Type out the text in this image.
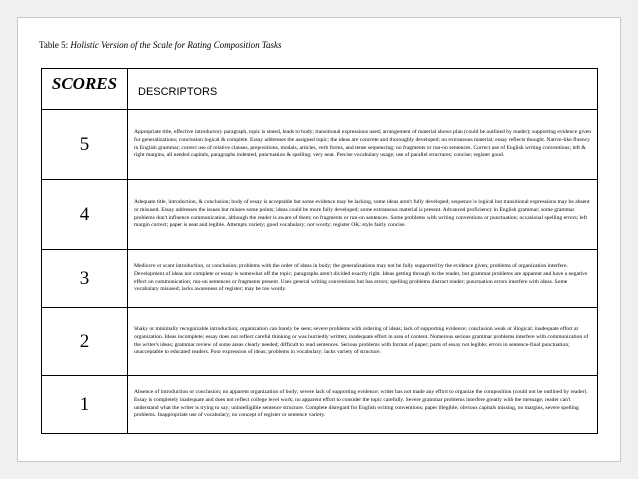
Table 5: Holistic Version of the Scale for Rating Composition Tasks
SCORES	DESCRIPTORS
5	Appropriate title, effective introductory paragraph, topic is stated, leads to body; transitional expressions used; arrangement of material shows plan (could be outlined by reader); supporting evidence given for generalizations; conclusion logical & complete. Essay addresses the assigned topic; the ideas are concrete and thoroughly developed; no extraneous material; essay reflects thought. Native-like fluency in English grammar; correct use of relative clauses, prepositions, modals, articles, verb forms, and tense sequencing; no fragments or run-on sentences. Correct use of English writing conventions; left & right margins, all needed capitals, paragraphs indented, punctuation & spelling; very neat. Precise vocabulary usage; use of parallel structures; concise; register good.
4	Adequate title, introduction, & conclusion; body of essay is acceptable but some evidence may be lacking, some ideas aren't fully developed; sequence is logical but transitional expressions may be absent or misused. Essay addresses the issues but misses some points; ideas could be more fully developed; some extraneous material is present. Advanced proficiency in English grammar; some grammar problems don't influence communication, although the reader is aware of them; no fragments or run-on sentences. Some problems with writing conventions or punctuation; occasional spelling errors; left margin correct; paper is neat and legible. Attempts variety; good vocabulary; not wordy; register OK; style fairly concise.
3	Mediocre or scant introduction, or conclusion; problems with the order of ideas in body; the generalizations may not be fully supported by the evidence given; problems of organization interfere. Development of ideas not complete or essay is somewhat off the topic; paragraphs aren't divided exactly right. Ideas getting through to the reader, but grammar problems are apparent and have a negative effect on communication; run-on sentences or fragments present. Uses general writing conventions but has errors; spelling problems distract reader; punctuation errors interfere with ideas. Some vocabulary misused; lacks awareness of register; may be too wordy.
2	Shaky or minimally recognizable introduction; organization can barely be seen; severe problems with ordering of ideas; lack of supporting evidence; conclusion weak or illogical; inadequate effort at organization. Ideas incomplete; essay does not reflect careful thinking or was hurriedly written; inadequate effort in area of content. Numerous serious grammar problems interfere with communication of the writer's ideas; grammar review of some areas clearly needed; difficult to read sentences. Serious problems with format of paper; parts of essay not legible; errors in sentence-final punctuation; unacceptable to educated readers. Poor expression of ideas; problems in vocabulary; lacks variety of structure.
1	Absence of introduction or conclusion; no apparent organization of body; severe lack of supporting evidence; writer has not made any effort to organize the composition (could not be outlined by reader). Essay is completely inadequate and does not reflect college level work; no apparent effort to consider the topic carefully. Severe grammar problems interfere greatly with the message; reader can't understand what the writer is trying to say; unintelligible sentence structure. Complete disregard for English writing conventions; paper illegible; obvious capitals missing, no margins, severe spelling problems. Inappropriate use of vocabulary; no concept of register or sentence variety.
